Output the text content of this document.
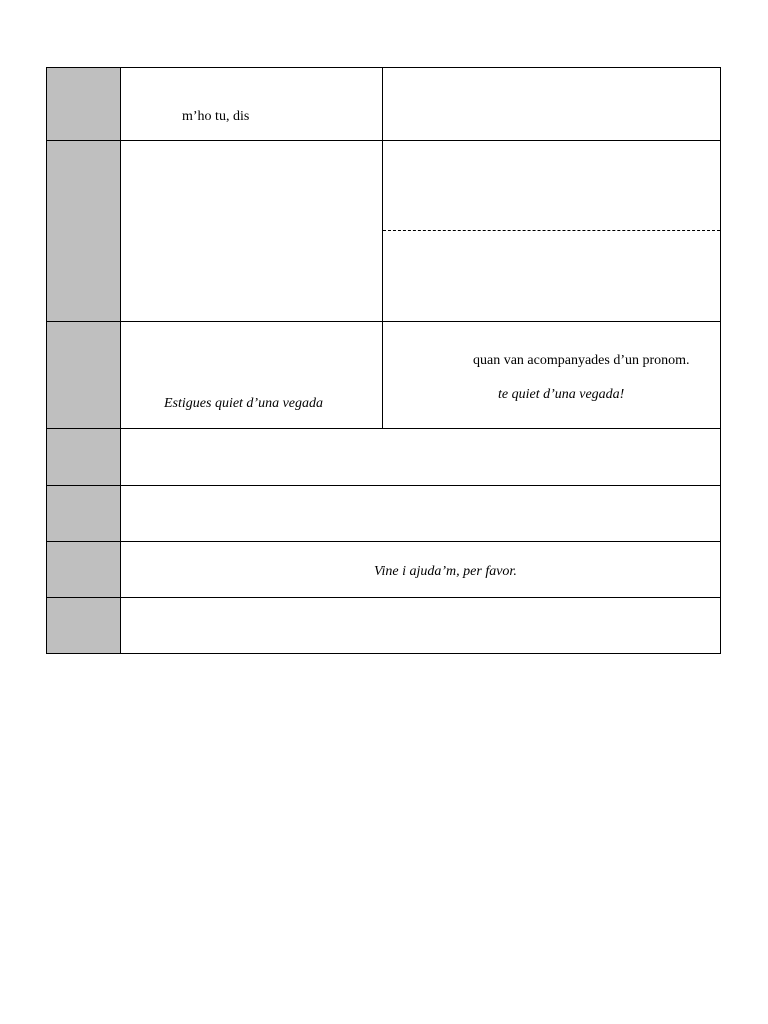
m’ho tu, dis
Estigues quiet d’una vegada
quan van acompanyades d’un pronom.
te quiet d’una vegada!
Vine i ajuda’m, per favor.
